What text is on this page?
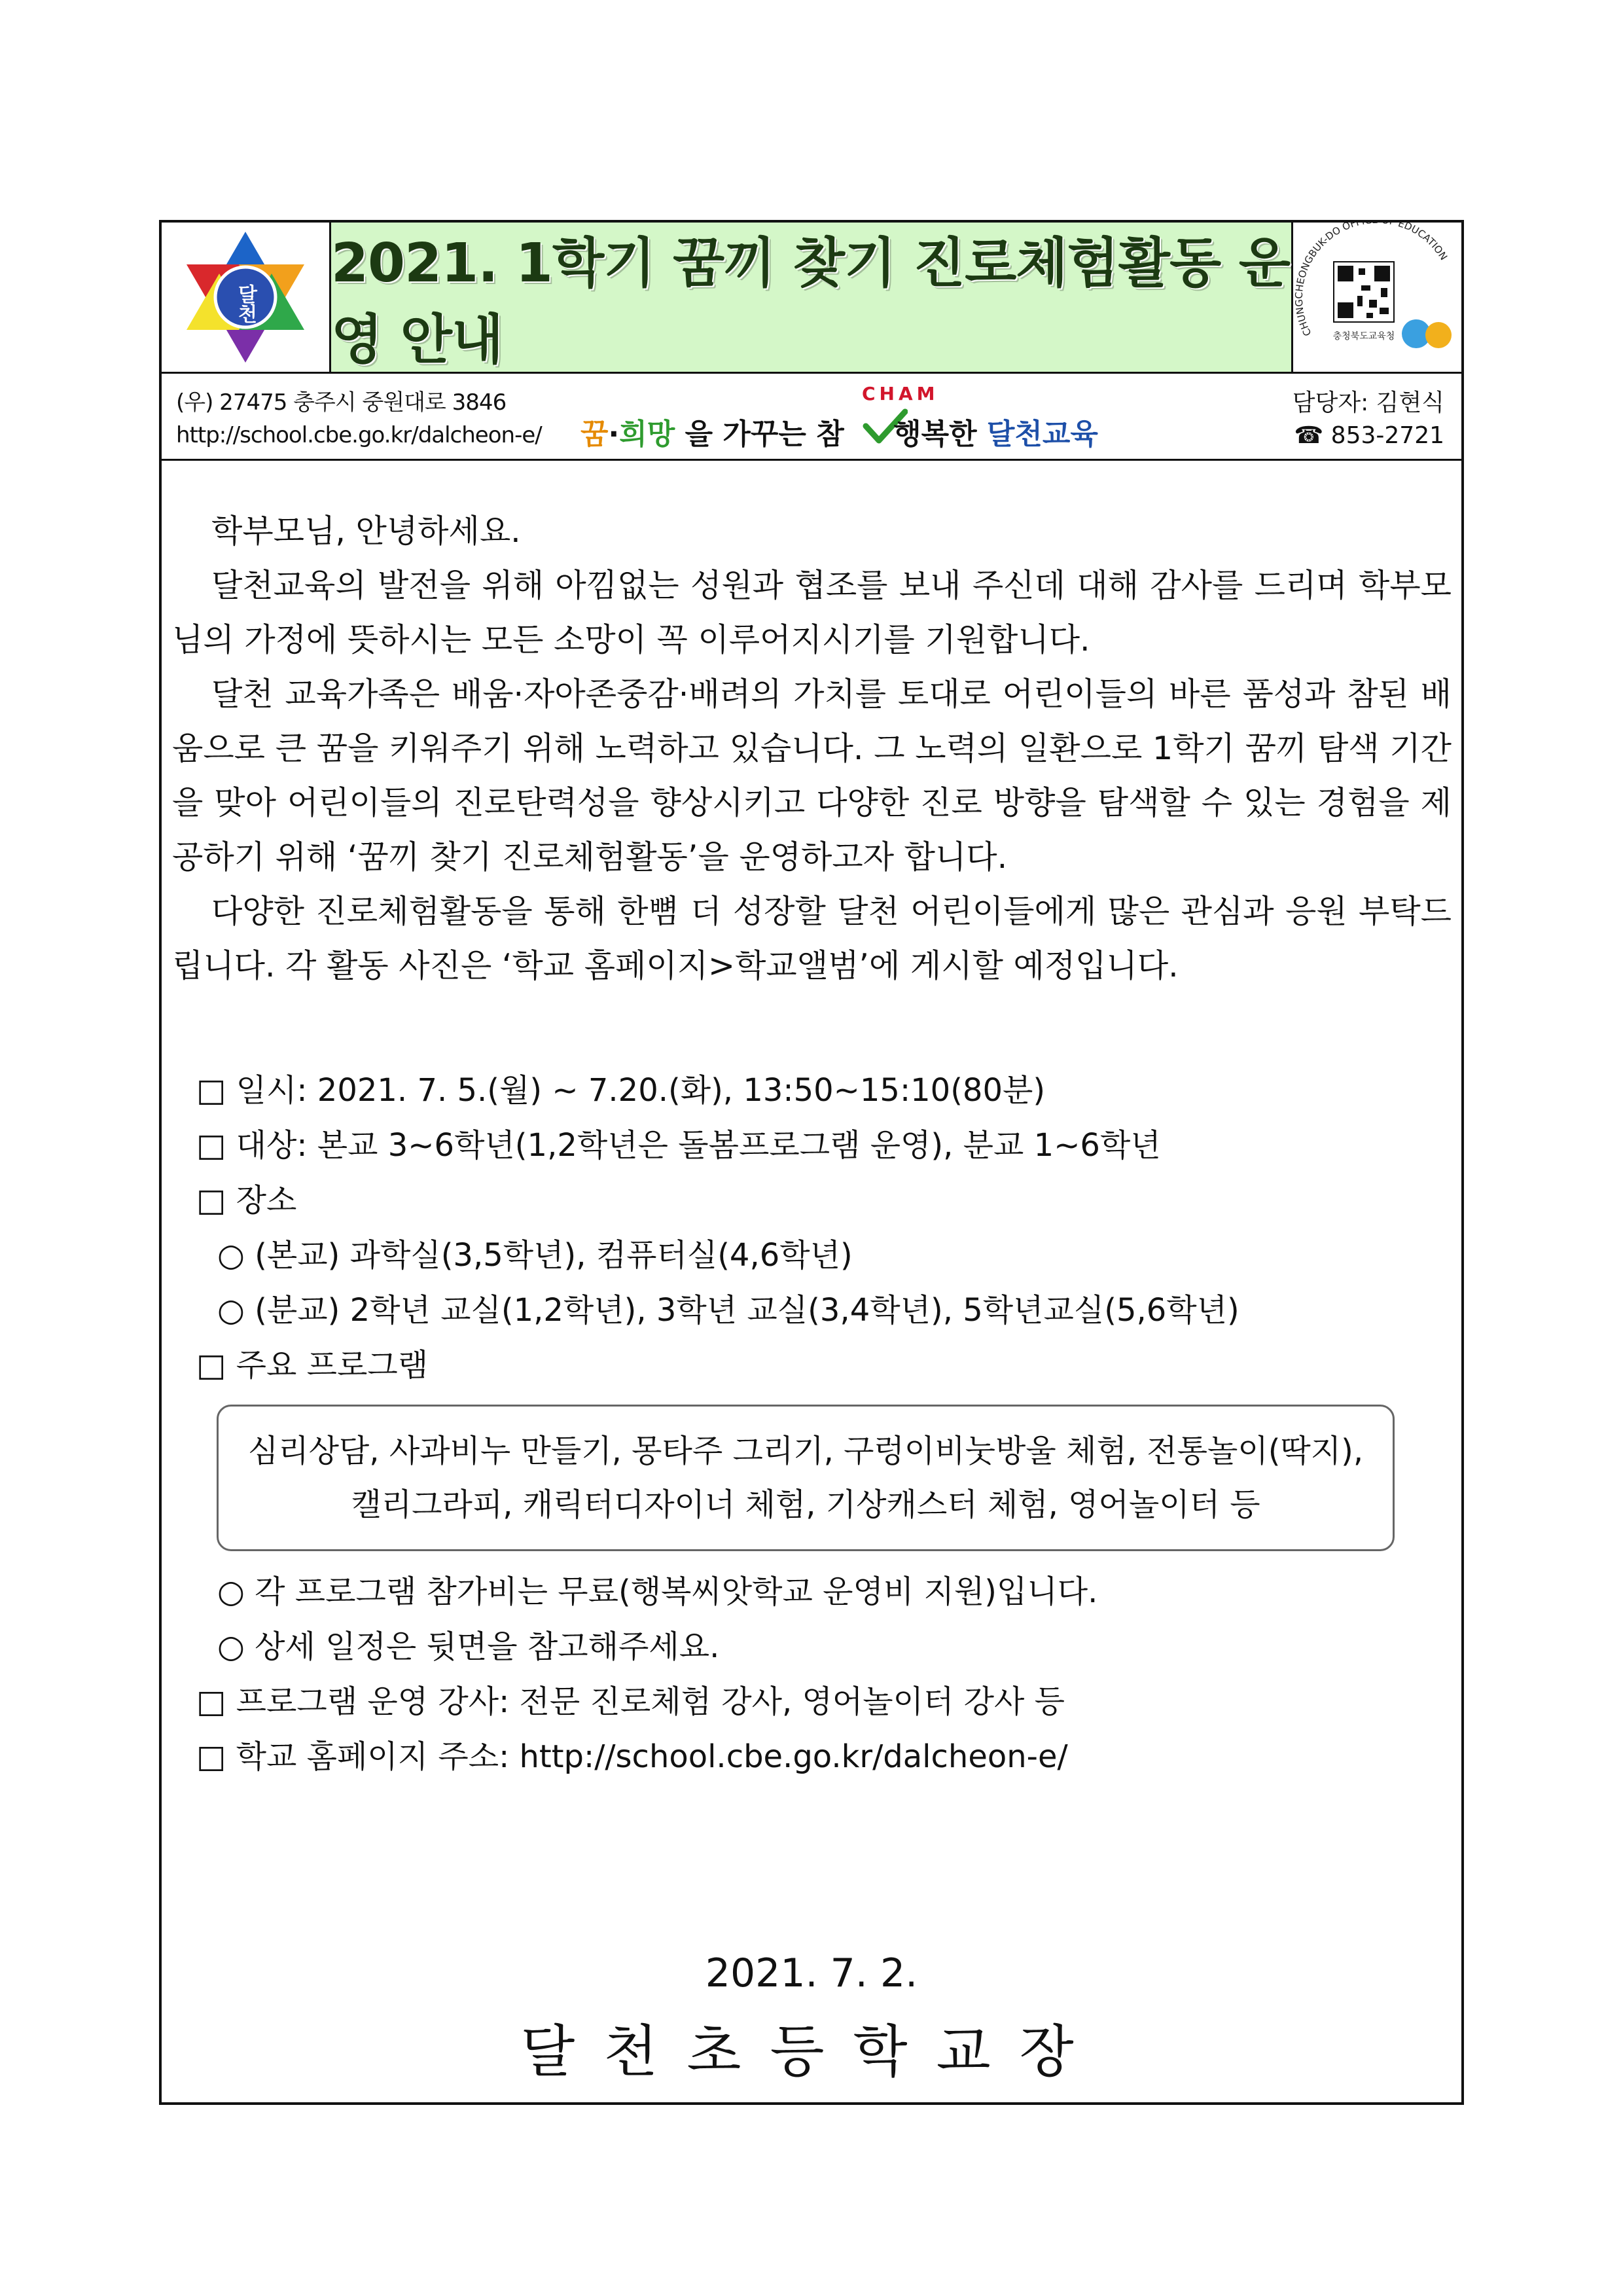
달천
2021. 1학기 꿈끼 찾기 진로체험활동 운영 안내	CHUNGCHEONGBUK-DO OF EDUCATION
충청북도교육청
(우) 27475 충주시 중원대로 3846
http://school.cbe.go.kr/dalcheon-e/
CHAM
꿈·희망 을 가꾸는 참 행복한 달천교육
담당자: 김현식
☎ 853-2721

학부모님, 안녕하세요.

달천교육의 발전을 위해 아낌없는 성원과 협조를 보내 주신데 대해 감사를 드리며 학부모님의 가정에 뜻하시는 모든 소망이 꼭 이루어지시기를 기원합니다.

달천 교육가족은 배움·자아존중감·배려의 가치를 토대로 어린이들의 바른 품성과 참된 배움으로 큰 꿈을 키워주기 위해 노력하고 있습니다. 그 노력의 일환으로 1학기 꿈끼 탐색 기간을 맞아 어린이들의 진로탄력성을 향상시키고 다양한 진로 방향을 탐색할 수 있는 경험을 제공하기 위해 ‘꿈끼 찾기 진로체험활동’을 운영하고자 합니다.

다양한 진로체험활동을 통해 한뼘 더 성장할 달천 어린이들에게 많은 관심과 응원 부탁드립니다. 각 활동 사진은 ‘학교 홈페이지>학교앨범’에 게시할 예정입니다.

□ 일시: 2021. 7. 5.(월) ~ 7.20.(화), 13:50~15:10(80분)
□ 대상: 본교 3~6학년(1,2학년은 돌봄프로그램 운영), 분교 1~6학년
□ 장소
○ (본교) 과학실(3,5학년), 컴퓨터실(4,6학년)
○ (분교) 2학년 교실(1,2학년), 3학년 교실(3,4학년), 5학년교실(5,6학년)
□ 주요 프로그램
심리상담, 사과비누 만들기, 몽타주 그리기, 구렁이비눗방울 체험, 전통놀이(딱지),
캘리그라피, 캐릭터디자이너 체험, 기상캐스터 체험, 영어놀이터 등
○ 각 프로그램 참가비는 무료(행복씨앗학교 운영비 지원)입니다.
○ 상세 일정은 뒷면을 참고해주세요.
□ 프로그램 운영 강사: 전문 진로체험 강사, 영어놀이터 강사 등
□ 학교 홈페이지 주소: http://school.cbe.go.kr/dalcheon-e/
2021. 7. 2.
달천초등학교장
